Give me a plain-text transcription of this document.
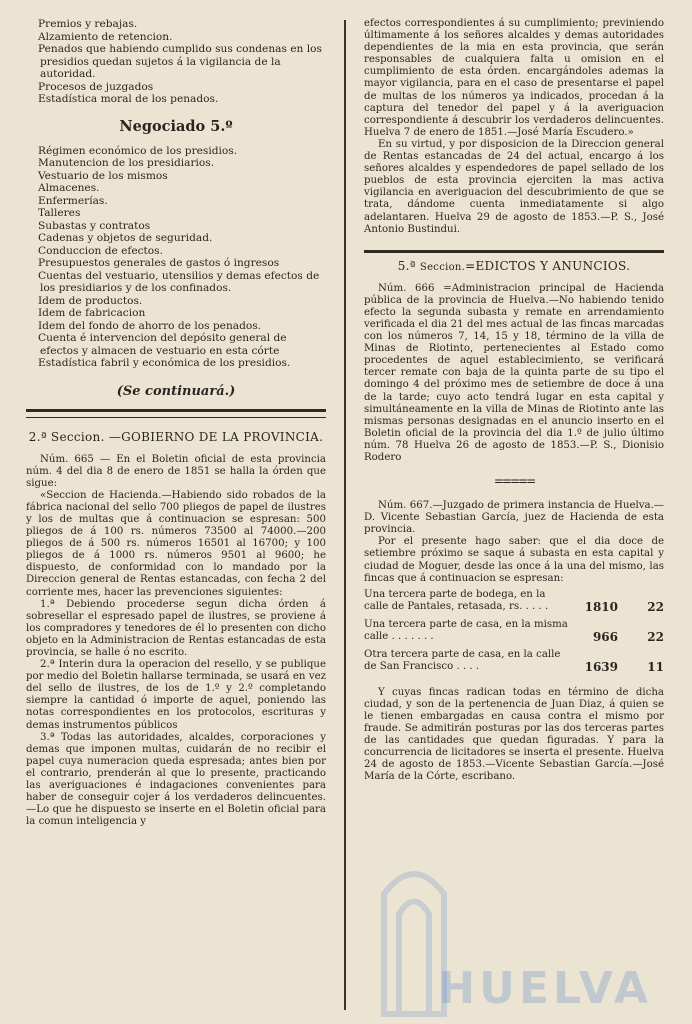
Premios y rebajas.

Alzamiento de retencion.

Penados que habiendo cumplido sus condenas en los presidios quedan sujetos á la vigilancia de la autoridad.

Procesos de juzgados

Estadística moral de los penados.

Negociado 5.º

Régimen económico de los presidios.

Manutencion de los presidiarios.

Vestuario de los mismos

Almacenes.

Enfermerías.

Talleres

Subastas y contratos

Cadenas y objetos de seguridad.

Conduccion de efectos.

Presupuestos generales de gastos ó ingresos

Cuentas del vestuario, utensilios y demas efectos de los presidiarios y de los confinados.

Idem de productos.

Idem de fabricacion

Idem del fondo de ahorro de los penados.

Cuenta é intervencion del depósito general de efectos y almacen de vestuario en esta córte

Estadística fabril y económica de los presidios.

(Se continuará.)
2.ª Seccion. —GOBIERNO DE LA PROVINCIA.

Núm. 665 — En el Boletin oficial de esta provincia núm. 4 del dia 8 de enero de 1851 se halla la órden que sigue:

«Seccion de Hacienda.—Habiendo sido robados de la fábrica nacional del sello 700 pliegos de papel de ilustres y los de multas que á continuacion se espresan: 500 pliegos de á 100 rs. números 73500 al 74000.—200 pliegos de á 500 rs. números 16501 al 16700; y 100 pliegos de á 1000 rs. números 9501 al 9600; he dispuesto, de conformidad con lo mandado por la Direccion general de Rentas estancadas, con fecha 2 del corriente mes, hacer las prevenciones siguientes:

1.ª Debiendo procederse segun dicha órden á sobresellar el espresado papel de ilustres, se proviene á los compradores y tenedores de él lo presenten con dicho objeto en la Administracion de Rentas estancadas de esta provincia, se halle ó no escrito.

2.ª Interin dura la operacion del resello, y se publique por medio del Boletin hallarse terminada, se usará en vez del sello de ilustres, de los de 1.º y 2.º completando siempre la cantidad ó importe de aquel, poniendo las notas correspondientes en los protocolos, escrituras y demas instrumentos públicos

3.ª Todas las autoridades, alcaldes, corporaciones y demas que imponen multas, cuidarán de no recibir el papel cuya numeracion queda espresada; antes bien por el contrario, prenderán al que lo presente, practicando las averiguaciones é indagaciones convenientes para haber de conseguir cojer á los verdaderos delincuentes. —Lo que he dispuesto se inserte en el Boletin oficial para la comun inteligencia y

efectos correspondientes á su cumplimiento; previniendo últimamente á los señores alcaldes y demas autoridades dependientes de la mia en esta provincia, que serán responsables de cualquiera falta u omision en el cumplimiento de esta órden. encargándoles ademas la mayor vigilancia, para en el caso de presentarse el papel de multas de los números ya indicados, procedan á la captura del tenedor del papel y á la averiguacion correspondiente á descubrir los verdaderos delincuentes. Huelva 7 de enero de 1851.—José María Escudero.»

En su virtud, y por disposicion de la Direccion general de Rentas estancadas de 24 del actual, encargo á los señores alcaldes y espendedores de papel sellado de los pueblos de esta provincia ejerciten la mas activa vigilancia en averiguacion del descubrimiento de que se trata, dándome cuenta inmediatamente si algo adelantaren. Huelva 29 de agosto de 1853.—P. S., José Antonio Bustindui.

5.ª Seccion.=EDICTOS Y ANUNCIOS.

Núm. 666 =Administracion principal de Hacienda pública de la provincia de Huelva.—No habiendo tenido efecto la segunda subasta y remate en arrendamiento verificada el dia 21 del mes actual de las fincas marcadas con los números 7, 14, 15 y 18, término de la villa de Minas de Riotinto, pertenecientes al Estado como procedentes de aquel establecimiento, se verificará tercer remate con baja de la quinta parte de su tipo el domingo 4 del próximo mes de setiembre de doce á una de la tarde; cuyo acto tendrá lugar en esta capital y simultáneamente en la villa de Minas de Riotinto ante las mismas personas designadas en el anuncio inserto en el Boletin oficial de la provincia del dia 1.º de julio último núm. 78 Huelva 26 de agosto de 1853.—P. S., Dionisio Rodero

=====

Núm. 667.—Juzgado de primera instancia de Huelva.—D. Vicente Sebastian García, juez de Hacienda de esta provincia.

Por el presente hago saber: que el dia doce de setiembre próximo se saque á subasta en esta capital y ciudad de Moguer, desde las once á la una del mismo, las fincas que á continuacion se espresan:

Una tercera parte de bodega, en la calle de Pantales, retasada, rs. . . . .	1810	22
Una tercera parte de casa, en la misma calle . . . . . . .	966	22
Otra tercera parte de casa, en la calle de San Francisco . . . .	1639	11

Y cuyas fincas radican todas en término de dicha ciudad, y son de la pertenencia de Juan Diaz, á quien se le tienen embargadas en causa contra el mismo por fraude. Se admitirán posturas por las dos terceras partes de las cantidades que quedan figuradas. Y para la concurrencia de licitadores se inserta el presente. Huelva 24 de agosto de 1853.—Vicente Sebastian García.—José María de la Córte, escribano.

HUELVA
